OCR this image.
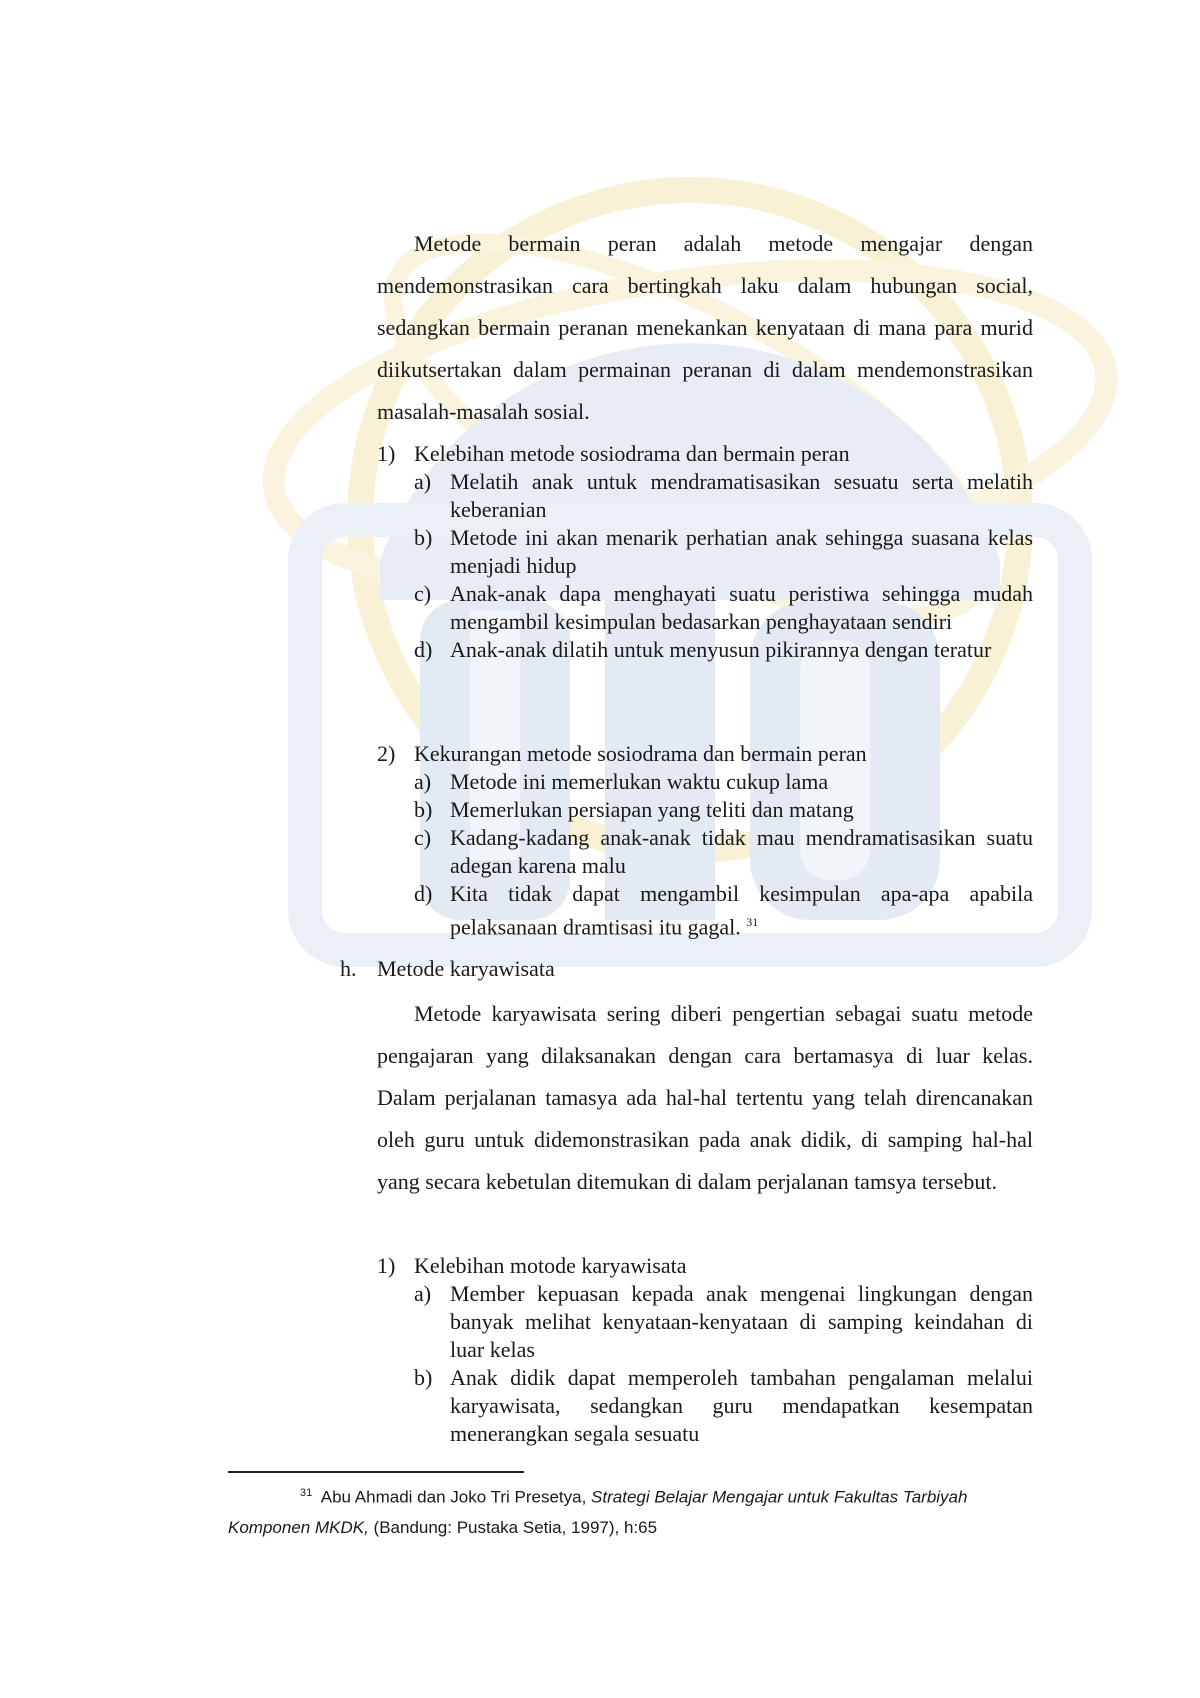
Metode bermain peran adalah metode mengajar dengan mendemonstrasikan cara bertingkah laku dalam hubungan social, sedangkan bermain peranan menekankan kenyataan di mana para murid diikutsertakan dalam permainan peranan di dalam mendemonstrasikan masalah-masalah sosial.

1) Kelebihan metode sosiodrama dan bermain peran
a) Melatih anak untuk mendramatisasikan sesuatu serta melatih keberanian
b) Metode ini akan menarik perhatian anak sehingga suasana kelas menjadi hidup
c) Anak-anak dapa menghayati suatu peristiwa sehingga mudah mengambil kesimpulan bedasarkan penghayataan sendiri
d) Anak-anak dilatih untuk menyusun pikirannya dengan teratur
2) Kekurangan metode sosiodrama dan bermain peran
a) Metode ini memerlukan waktu cukup lama
b) Memerlukan persiapan yang teliti dan matang
c) Kadang-kadang anak-anak tidak mau mendramatisasikan suatu adegan karena malu
d) Kita tidak dapat mengambil kesimpulan apa-apa apabila pelaksanaan dramtisasi itu gagal. $^{31}$
h. Metode karyawisata

Metode karyawisata sering diberi pengertian sebagai suatu metode pengajaran yang dilaksanakan dengan cara bertamasya di luar kelas. Dalam perjalanan tamasya ada hal-hal tertentu yang telah direncanakan oleh guru untuk didemonstrasikan pada anak didik, di samping hal-hal yang secara kebetulan ditemukan di dalam perjalanan tamsya tersebut.

1) Kelebihan motode karyawisata
a) Member kepuasan kepada anak mengenai lingkungan dengan banyak melihat kenyataan-kenyataan di samping keindahan di luar kelas
b) Anak didik dapat memperoleh tambahan pengalaman melalui karyawisata, sedangkan guru mendapatkan kesempatan menerangkan segala sesuatu

$^{31}$ Abu Ahmadi dan Joko Tri Presetya, Strategi Belajar Mengajar untuk Fakultas Tarbiyah Komponen MKDK, (Bandung: Pustaka Setia, 1997), h:65
